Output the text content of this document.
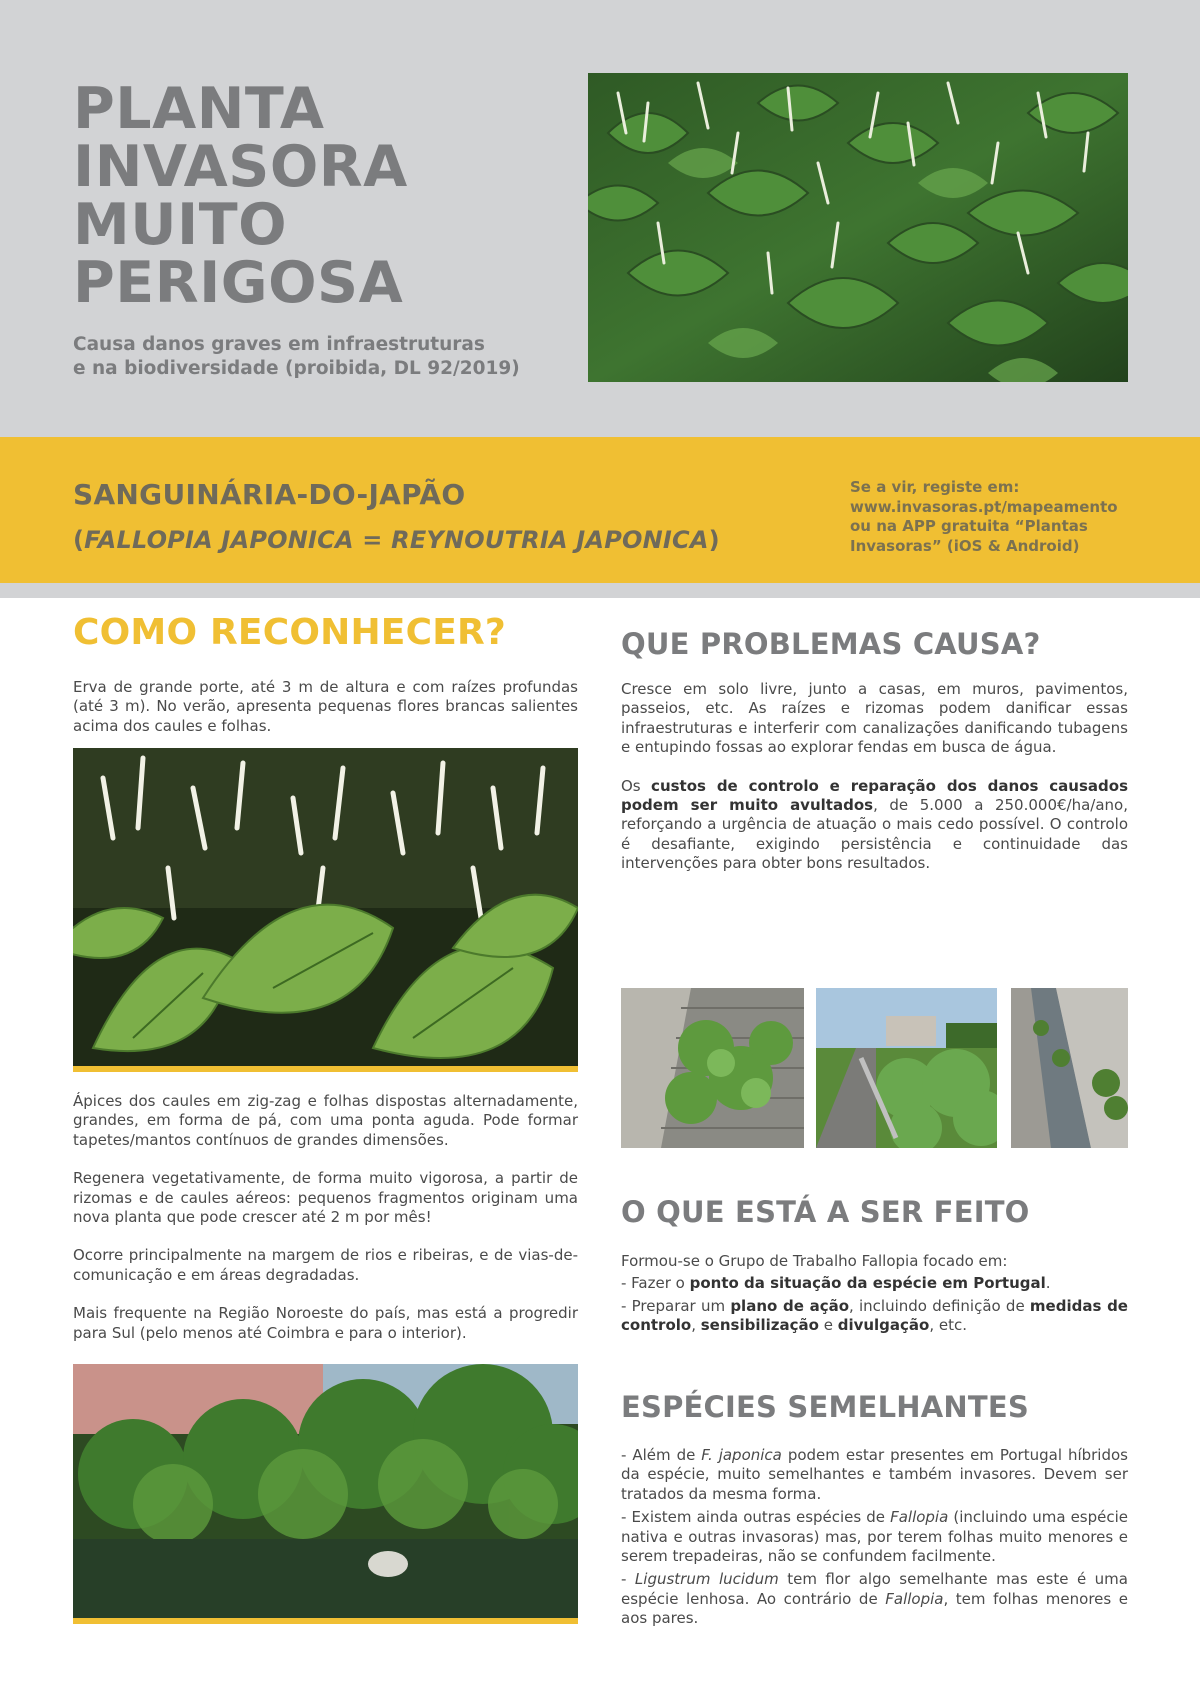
PLANTA
INVASORA
MUITO
PERIGOSA
Causa danos graves em infraestruturas
e na biodiversidade (proibida, DL 92/2019)
SANGUINÁRIA-DO-JAPÃO
(FALLOPIA JAPONICA = REYNOUTRIA JAPONICA)
Se a vir, registe em:
www.invasoras.pt/mapeamento
ou na APP gratuita “Plantas
Invasoras” (iOS & Android)
COMO RECONHECER?

Erva de grande porte, até 3 m de altura e com raízes profundas (até 3 m). No verão, apresenta pequenas flores brancas salientes acima dos caules e folhas.

Ápices dos caules em zig-zag e folhas dispostas alternadamente, grandes, em forma de pá, com uma ponta aguda. Pode formar tapetes/mantos contínuos de grandes dimensões.
Regenera vegetativamente, de forma muito vigorosa, a partir de rizomas e de caules aéreos: pequenos fragmentos originam uma nova planta que pode crescer até 2 m por mês!
Ocorre principalmente na margem de rios e ribeiras, e de vias-de-comunicação e em áreas degradadas.
Mais frequente na Região Noroeste do país, mas está a progredir para Sul (pelo menos até Coimbra e para o interior).
QUE PROBLEMAS CAUSA?
Cresce em solo livre, junto a casas, em muros, pavimentos, passeios, etc. As raízes e rizomas podem danificar essas infraestruturas e interferir com canalizações danificando tubagens e entupindo fossas ao explorar fendas em busca de água.
Os custos de controlo e reparação dos danos causados podem ser muito avultados, de 5.000 a 250.000€/ha/ano, reforçando a urgência de atuação o mais cedo possível. O controlo é desafiante, exigindo persistência e continuidade das intervenções para obter bons resultados.
O QUE ESTÁ A SER FEITO
Formou-se o Grupo de Trabalho Fallopia focado em:
- Fazer o ponto da situação da espécie em Portugal.
- Preparar um plano de ação, incluindo definição de medidas de controlo, sensibilização e divulgação, etc.
ESPÉCIES SEMELHANTES
- Além de F. japonica podem estar presentes em Portugal híbridos da espécie, muito semelhantes e também invasores. Devem ser tratados da mesma forma.
- Existem ainda outras espécies de Fallopia (incluindo uma espécie nativa e outras invasoras) mas, por terem folhas muito menores e serem trepadeiras, não se confundem facilmente.
- Ligustrum lucidum tem flor algo semelhante mas este é uma espécie lenhosa. Ao contrário de Fallopia, tem folhas menores e aos pares.
